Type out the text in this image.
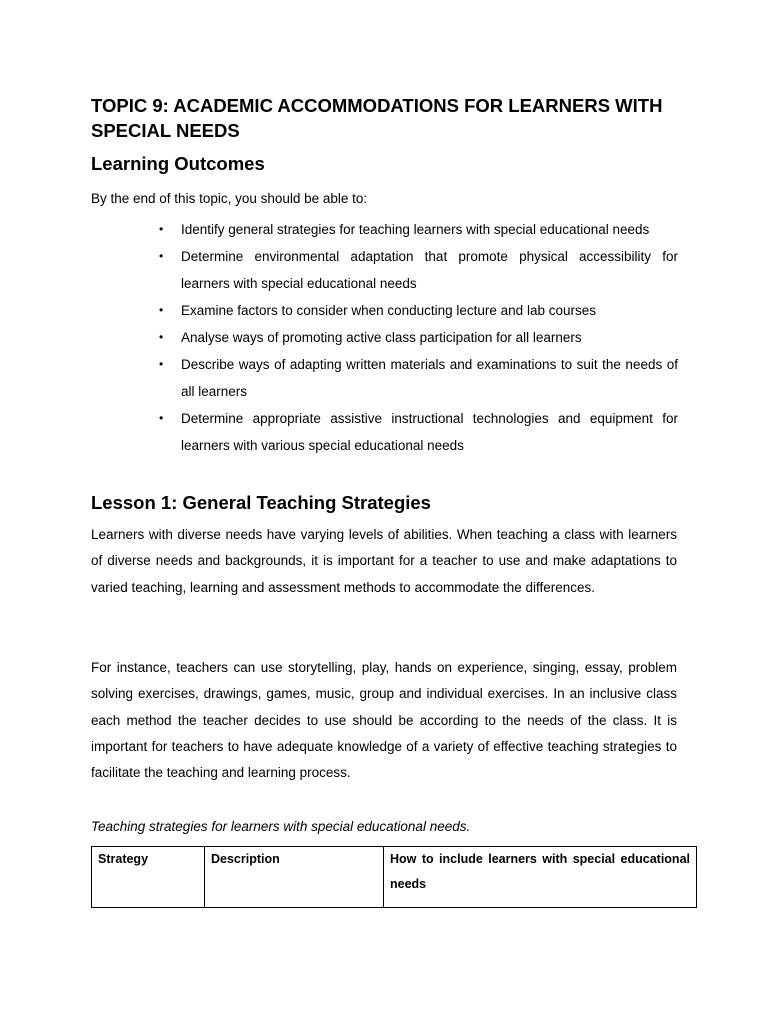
TOPIC 9: ACADEMIC ACCOMMODATIONS FOR LEARNERS WITH SPECIAL NEEDS
Learning Outcomes

By the end of this topic, you should be able to:

• Identify general strategies for teaching learners with special educational needs
• Determine environmental adaptation that promote physical accessibility for learners with special educational needs
• Examine factors to consider when conducting lecture and lab courses
• Analyse ways of promoting active class participation for all learners
• Describe ways of adapting written materials and examinations to suit the needs of all learners
• Determine appropriate assistive instructional technologies and equipment for learners with various special educational needs
Lesson 1: General Teaching Strategies

Learners with diverse needs have varying levels of abilities. When teaching a class with learners of diverse needs and backgrounds, it is important for a teacher to use and make adaptations to varied teaching, learning and assessment methods to accommodate the differences.

For instance, teachers can use storytelling, play, hands on experience, singing, essay, problem solving exercises, drawings, games, music, group and individual exercises. In an inclusive class each method the teacher decides to use should be according to the needs of the class. It is important for teachers to have adequate knowledge of a variety of effective teaching strategies to facilitate the teaching and learning process.

Teaching strategies for learners with special educational needs.

Strategy	Description	How to include learners with special educational needs
